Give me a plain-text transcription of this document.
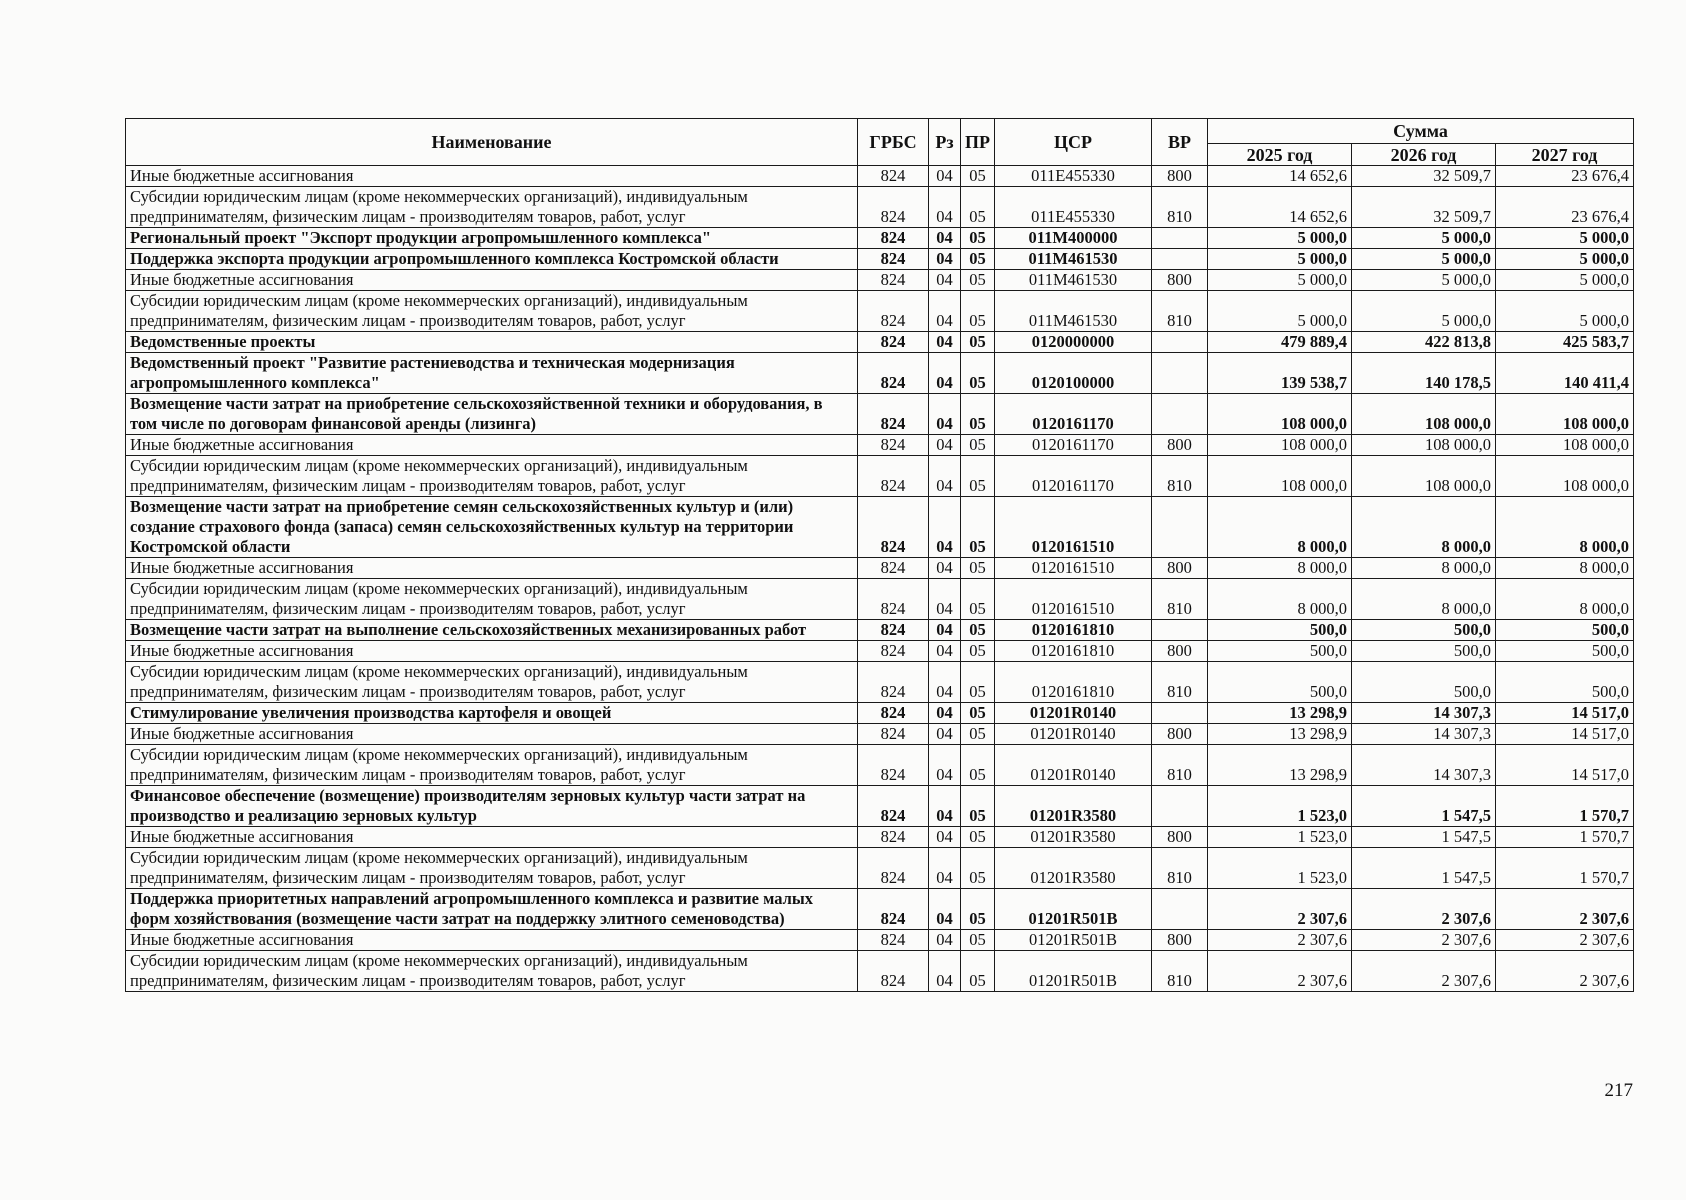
Наименование	ГРБС	Рз	ПР	ЦСР	ВР	Сумма		
						2025 год	2026 год	2027 год
Иные бюджетные ассигнования	824	04	05	011Е455330	800	14 652,6	32 509,7	23 676,4
Субсидии юридическим лицам (кроме некоммерческих организаций), индивидуальным предпринимателям, физическим лицам - производителям товаров, работ, услуг	824	04	05	011Е455330	810	14 652,6	32 509,7	23 676,4
Региональный проект "Экспорт продукции агропромышленного комплекса"	824	04	05	011М400000		5 000,0	5 000,0	5 000,0
Поддержка экспорта продукции агропромышленного комплекса Костромской области	824	04	05	011М461530		5 000,0	5 000,0	5 000,0
Иные бюджетные ассигнования	824	04	05	011М461530	800	5 000,0	5 000,0	5 000,0
Субсидии юридическим лицам (кроме некоммерческих организаций), индивидуальным предпринимателям, физическим лицам - производителям товаров, работ, услуг	824	04	05	011М461530	810	5 000,0	5 000,0	5 000,0
Ведомственные проекты	824	04	05	0120000000		479 889,4	422 813,8	425 583,7
Ведомственный проект "Развитие растениеводства и техническая модернизация агропромышленного комплекса"	824	04	05	0120100000		139 538,7	140 178,5	140 411,4
Возмещение части затрат на приобретение сельскохозяйственной техники и оборудования, в том числе по договорам финансовой аренды (лизинга)	824	04	05	0120161170		108 000,0	108 000,0	108 000,0
Иные бюджетные ассигнования	824	04	05	0120161170	800	108 000,0	108 000,0	108 000,0
Субсидии юридическим лицам (кроме некоммерческих организаций), индивидуальным предпринимателям, физическим лицам - производителям товаров, работ, услуг	824	04	05	0120161170	810	108 000,0	108 000,0	108 000,0
Возмещение части затрат на приобретение семян сельскохозяйственных культур и (или) создание страхового фонда (запаса) семян сельскохозяйственных культур на территории Костромской области	824	04	05	0120161510		8 000,0	8 000,0	8 000,0
Иные бюджетные ассигнования	824	04	05	0120161510	800	8 000,0	8 000,0	8 000,0
Субсидии юридическим лицам (кроме некоммерческих организаций), индивидуальным предпринимателям, физическим лицам - производителям товаров, работ, услуг	824	04	05	0120161510	810	8 000,0	8 000,0	8 000,0
Возмещение части затрат на выполнение сельскохозяйственных механизированных работ	824	04	05	0120161810		500,0	500,0	500,0
Иные бюджетные ассигнования	824	04	05	0120161810	800	500,0	500,0	500,0
Субсидии юридическим лицам (кроме некоммерческих организаций), индивидуальным предпринимателям, физическим лицам - производителям товаров, работ, услуг	824	04	05	0120161810	810	500,0	500,0	500,0
Стимулирование увеличения производства картофеля и овощей	824	04	05	01201R0140		13 298,9	14 307,3	14 517,0
Иные бюджетные ассигнования	824	04	05	01201R0140	800	13 298,9	14 307,3	14 517,0
Субсидии юридическим лицам (кроме некоммерческих организаций), индивидуальным предпринимателям, физическим лицам - производителям товаров, работ, услуг	824	04	05	01201R0140	810	13 298,9	14 307,3	14 517,0
Финансовое обеспечение (возмещение) производителям зерновых культур части затрат на производство и реализацию зерновых культур	824	04	05	01201R3580		1 523,0	1 547,5	1 570,7
Иные бюджетные ассигнования	824	04	05	01201R3580	800	1 523,0	1 547,5	1 570,7
Субсидии юридическим лицам (кроме некоммерческих организаций), индивидуальным предпринимателям, физическим лицам - производителям товаров, работ, услуг	824	04	05	01201R3580	810	1 523,0	1 547,5	1 570,7
Поддержка приоритетных направлений агропромышленного комплекса и развитие малых форм хозяйствования (возмещение части затрат на поддержку элитного семеноводства)	824	04	05	01201R501B		2 307,6	2 307,6	2 307,6
Иные бюджетные ассигнования	824	04	05	01201R501B	800	2 307,6	2 307,6	2 307,6
Субсидии юридическим лицам (кроме некоммерческих организаций), индивидуальным предпринимателям, физическим лицам - производителям товаров, работ, услуг	824	04	05	01201R501B	810	2 307,6	2 307,6	2 307,6
217
